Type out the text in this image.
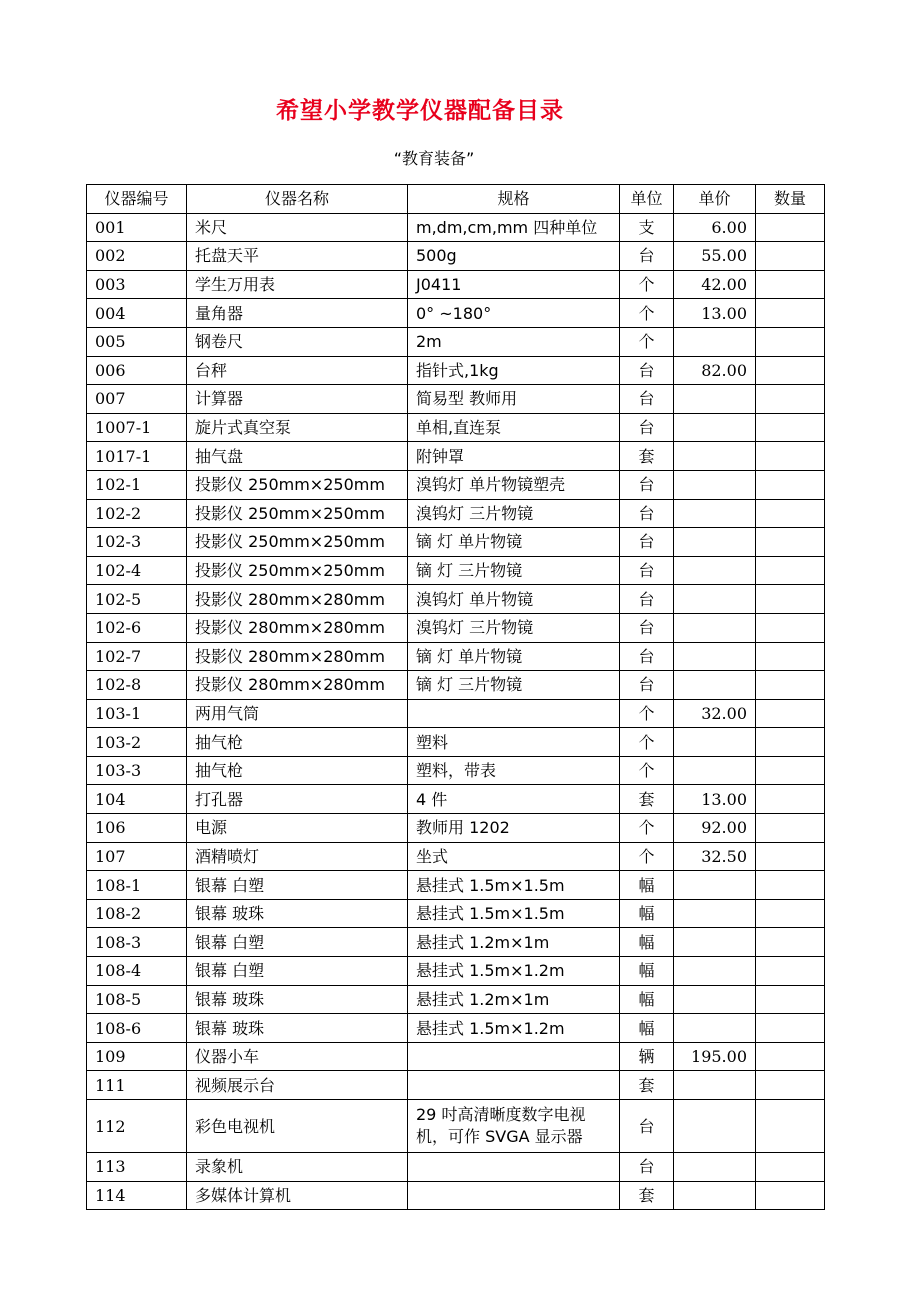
希望小学教学仪器配备目录
“教育装备”
仪器编号	仪器名称	规格	单位	单价	数量
001	米尺	m,dm,cm,mm 四种单位	支	6.00	
002	托盘天平	500g	台	55.00	
003	学生万用表	J0411	个	42.00	
004	量角器	0° ~180°	个	13.00	
005	钢卷尺	2m	个		
006	台秤	指针式,1kg	台	82.00	
007	计算器	简易型 教师用	台		
1007-1	旋片式真空泵	单相,直连泵	台		
1017-1	抽气盘	附钟罩	套		
102-1	投影仪 250mm×250mm	溴钨灯 单片物镜塑壳	台		
102-2	投影仪 250mm×250mm	溴钨灯 三片物镜	台		
102-3	投影仪 250mm×250mm	镝 灯 单片物镜	台		
102-4	投影仪 250mm×250mm	镝 灯 三片物镜	台		
102-5	投影仪 280mm×280mm	溴钨灯 单片物镜	台		
102-6	投影仪 280mm×280mm	溴钨灯 三片物镜	台		
102-7	投影仪 280mm×280mm	镝 灯 单片物镜	台		
102-8	投影仪 280mm×280mm	镝 灯 三片物镜	台		
103-1	两用气筒		个	32.00	
103-2	抽气枪	塑料	个		
103-3	抽气枪	塑料，带表	个		
104	打孔器	4 件	套	13.00	
106	电源	教师用 1202	个	92.00	
107	酒精喷灯	坐式	个	32.50	
108-1	银幕 白塑	悬挂式 1.5m×1.5m	幅		
108-2	银幕 玻珠	悬挂式 1.5m×1.5m	幅		
108-3	银幕 白塑	悬挂式 1.2m×1m	幅		
108-4	银幕 白塑	悬挂式 1.5m×1.2m	幅		
108-5	银幕 玻珠	悬挂式 1.2m×1m	幅		
108-6	银幕 玻珠	悬挂式 1.5m×1.2m	幅		
109	仪器小车		辆	195.00	
111	视频展示台		套		
112	彩色电视机	29 吋高清晰度数字电视机，可作 SVGA 显示器	台		
113	录象机		台		
114	多媒体计算机		套		
